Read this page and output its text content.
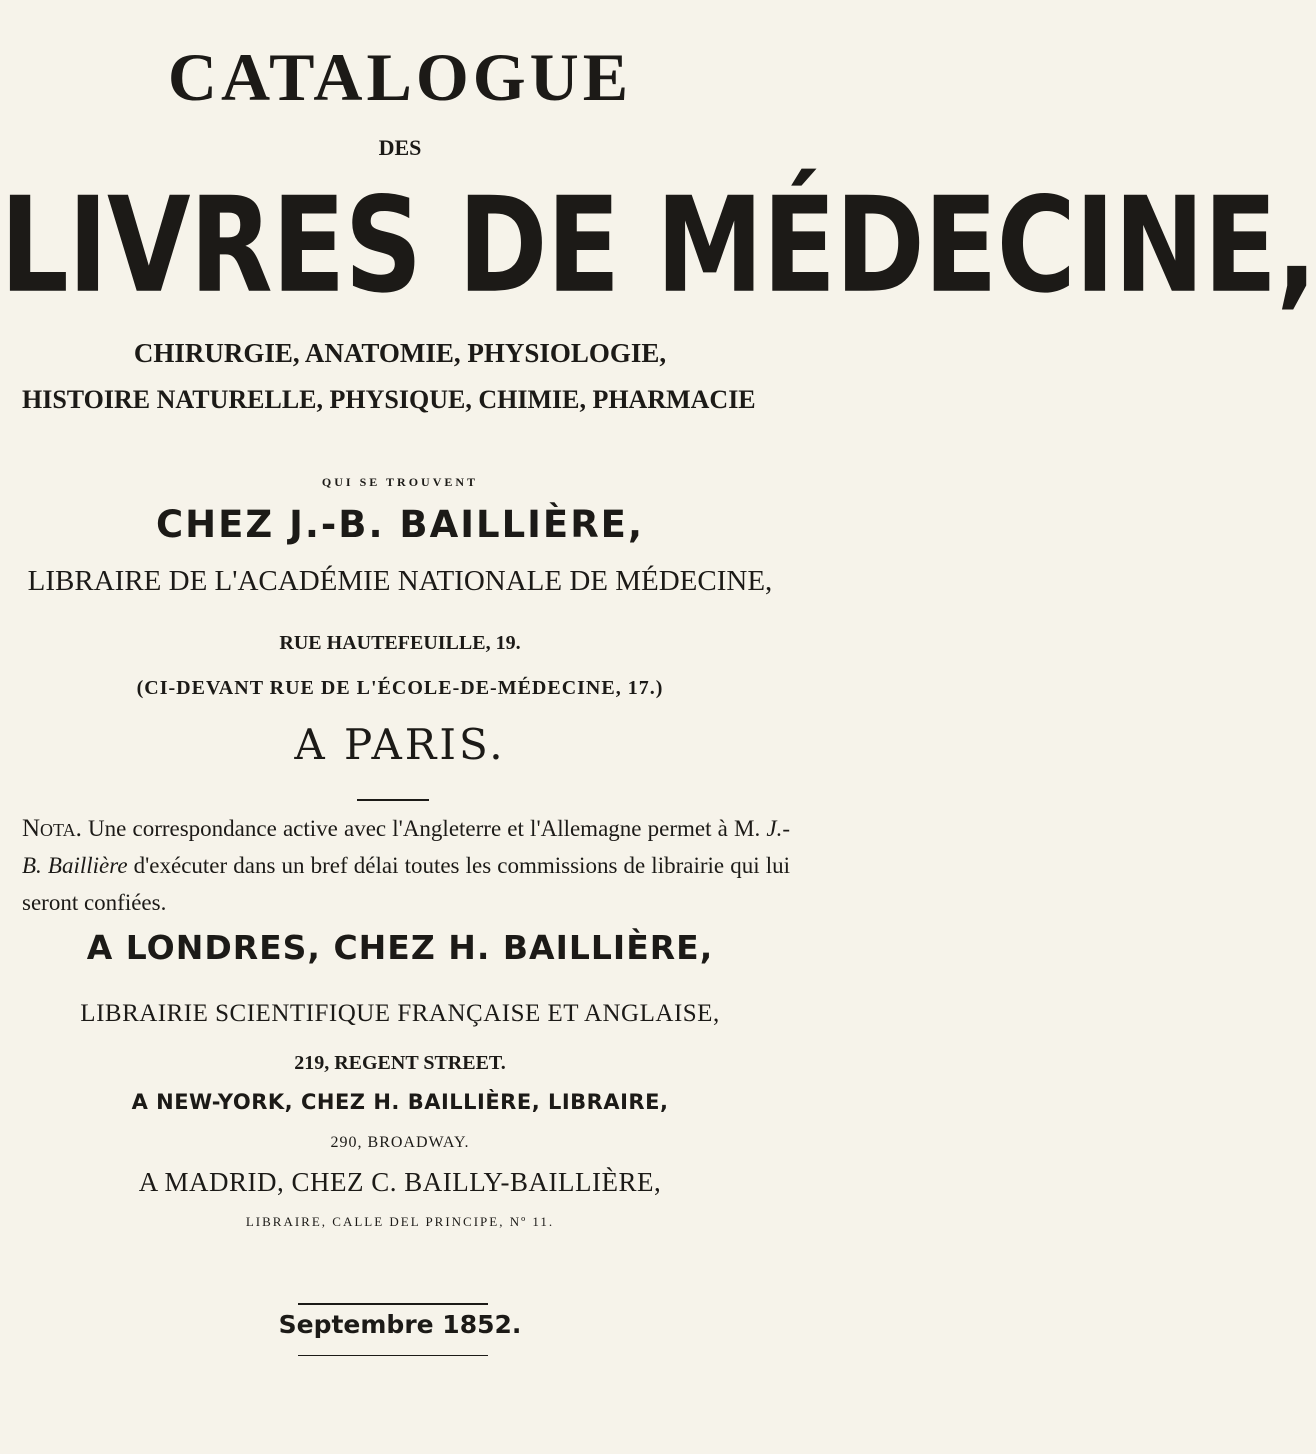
CATALOGUE
DES
LIVRES DE MÉDECINE,
CHIRURGIE, ANATOMIE, PHYSIOLOGIE,
HISTOIRE NATURELLE, PHYSIQUE, CHIMIE, PHARMACIE
QUI SE TROUVENT
CHEZ J.-B. BAILLIÈRE,
LIBRAIRE DE L'ACADÉMIE NATIONALE DE MÉDECINE,
RUE HAUTEFEUILLE, 19.
(CI-DEVANT RUE DE L'ÉCOLE-DE-MÉDECINE, 17.)
A PARIS.
Nota. Une correspondance active avec l'Angleterre et l'Allemagne permet à M. J.-B. Baillière d'exécuter dans un bref délai toutes les commissions de librairie qui lui seront confiées.
A LONDRES, CHEZ H. BAILLIÈRE,
LIBRAIRIE SCIENTIFIQUE FRANÇAISE ET ANGLAISE,
219, REGENT STREET.
A NEW-YORK, CHEZ H. BAILLIÈRE, LIBRAIRE,
290, BROADWAY.
A MADRID, CHEZ C. BAILLY-BAILLIÈRE,
LIBRAIRE, CALLE DEL PRINCIPE, Nº 11.
Septembre 1852.
